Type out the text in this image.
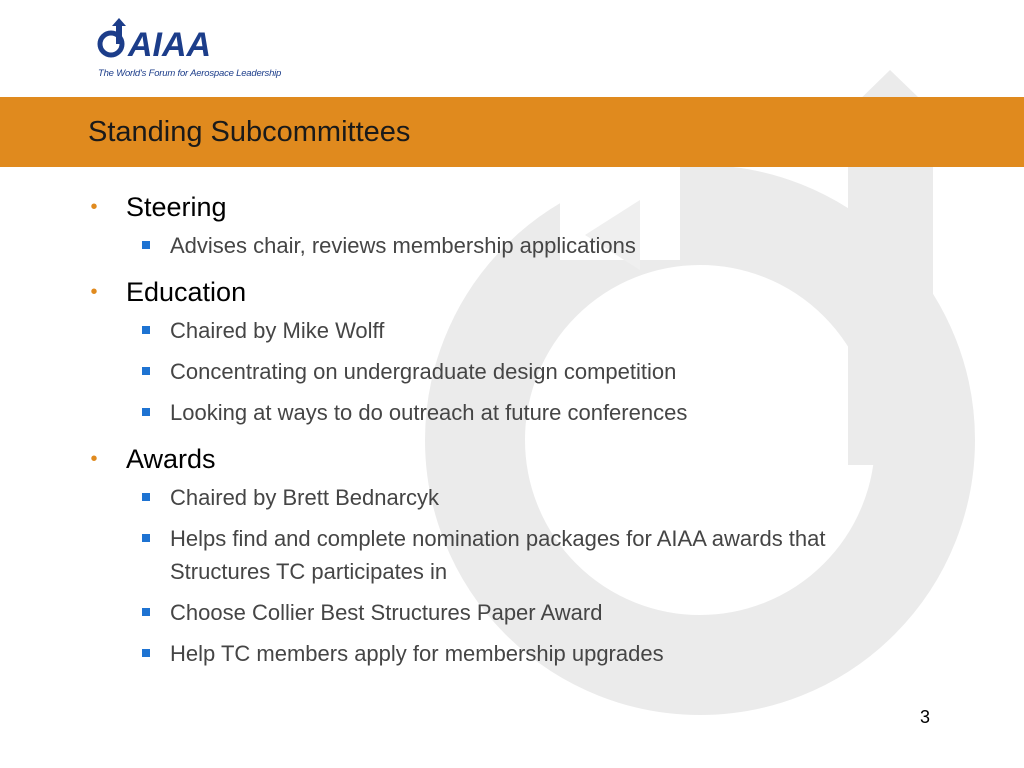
AIAA
The World's Forum for Aerospace Leadership
Standing Subcommittees
• Steering
Advises chair, reviews membership applications
• Education
Chaired by Mike Wolff
Concentrating on undergraduate design competition
Looking at ways to do outreach at future conferences
• Awards
Chaired by Brett Bednarcyk
Helps find and complete nomination packages for AIAA awards that Structures TC participates in
Choose Collier Best Structures Paper Award
Help TC members apply for membership upgrades
3
